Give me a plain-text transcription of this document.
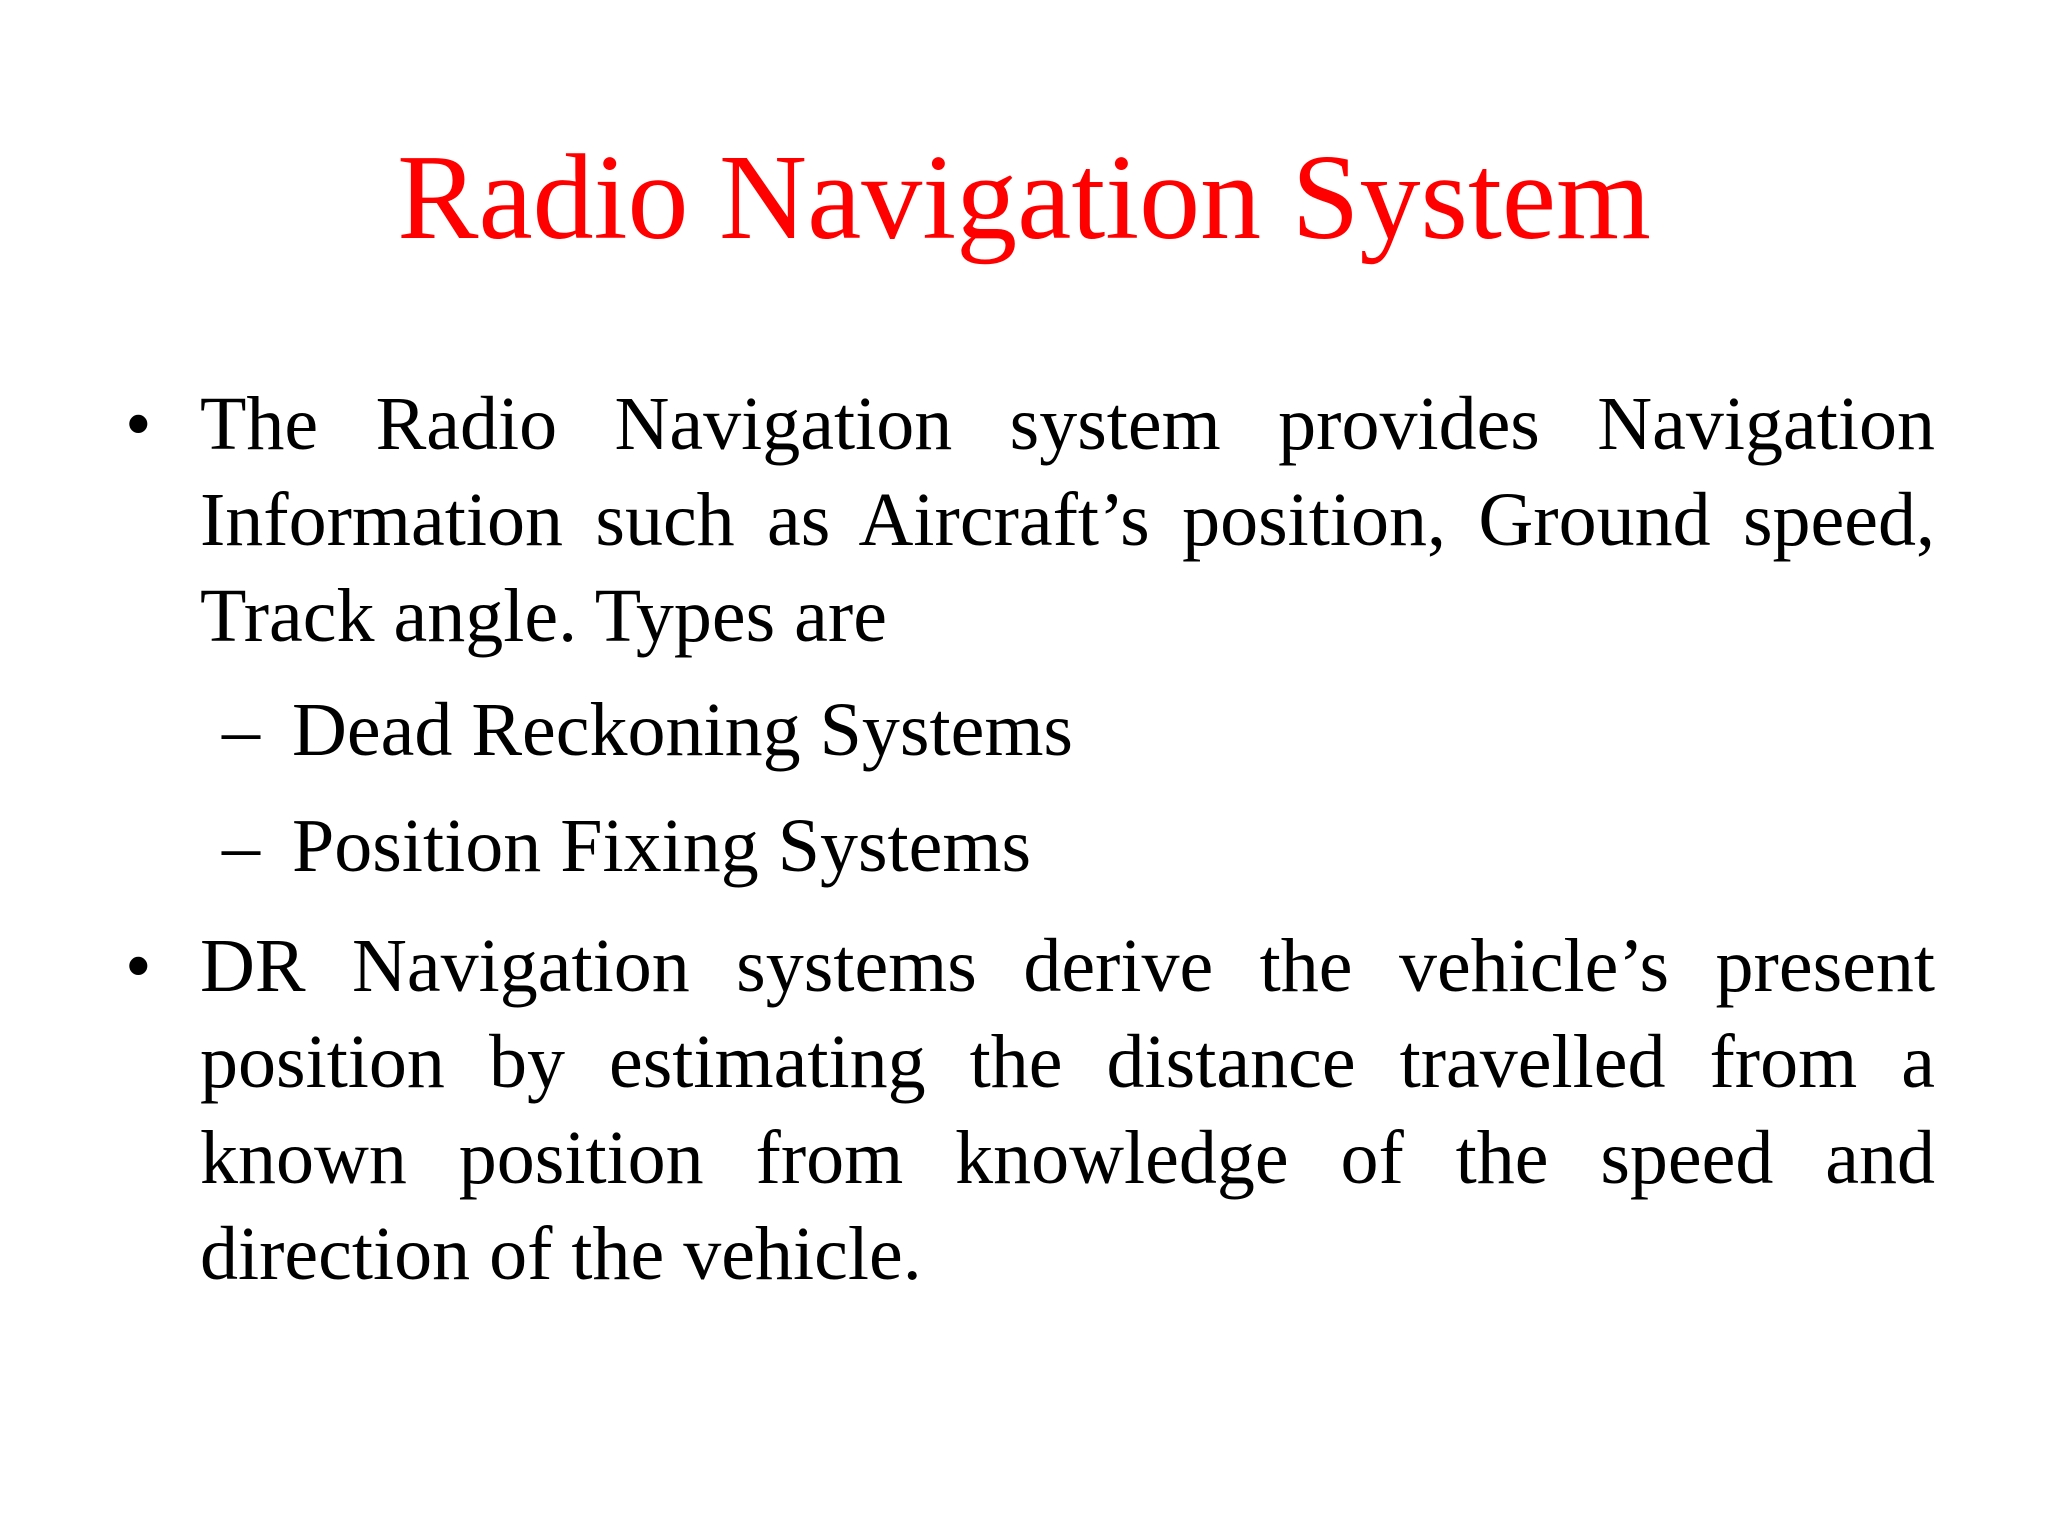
Radio Navigation System
• The Radio Navigation system provides Navigation Information such as Aircraft’s position, Ground speed, Track angle. Types are
– Dead Reckoning Systems
– Position Fixing Systems
• DR Navigation systems derive the vehicle’s present position by estimating the distance travelled from a known position from knowledge of the speed and direction of the vehicle.
